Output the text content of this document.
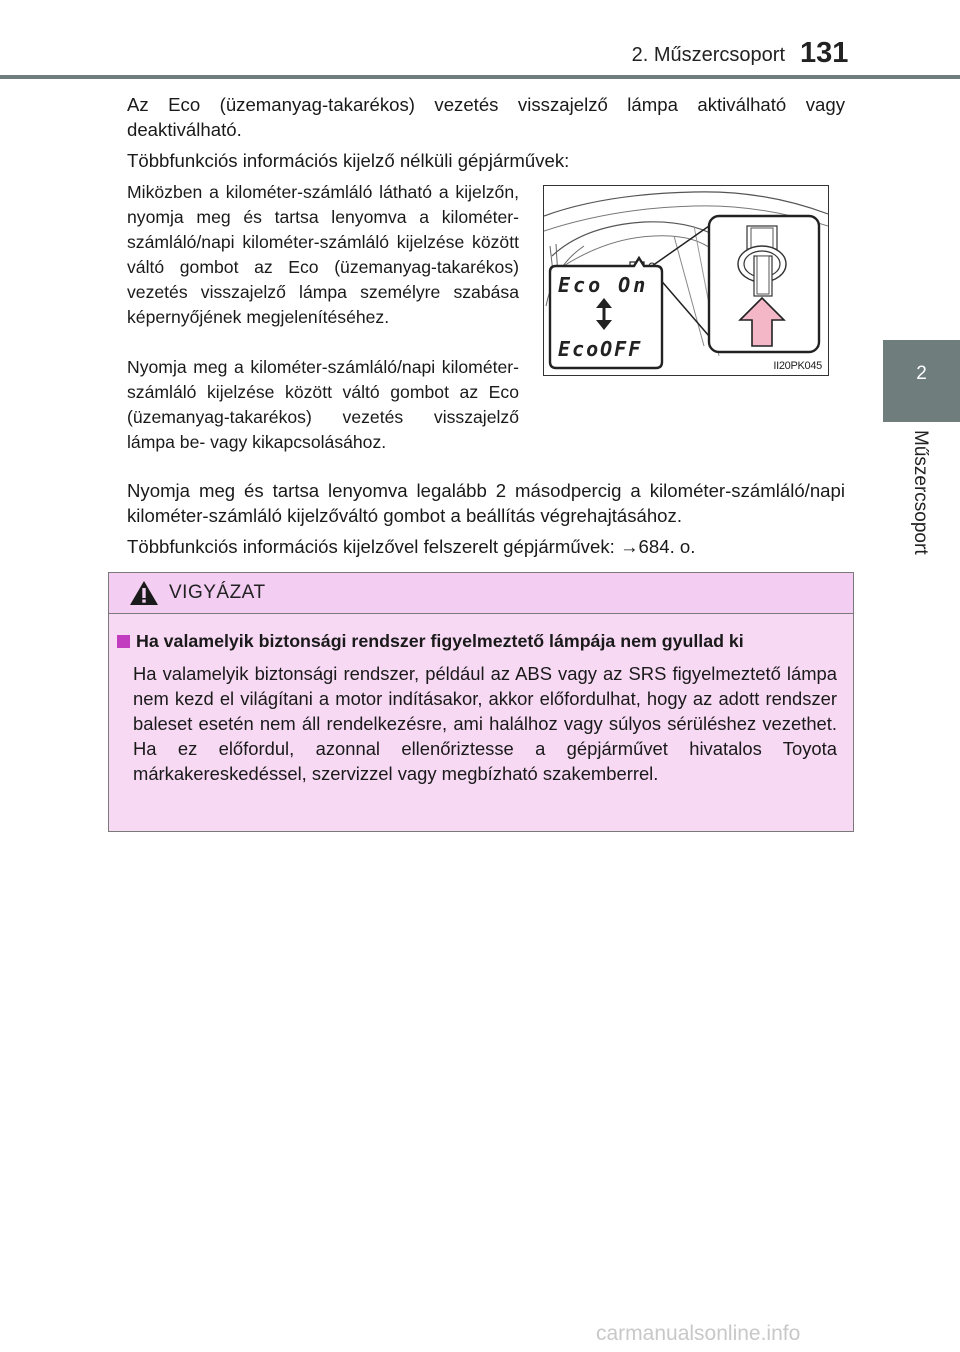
2. Műszercsoport 131
2
Műszercsoport

Az Eco (üzemanyag-takarékos) vezetés visszajelző lámpa aktiválható vagy deaktiválható.

Többfunkciós információs kijelző nélküli gépjárművek:

Miközben a kilométer-számláló látható a kijelzőn, nyomja meg és tartsa lenyomva a kilométer-számláló/napi kilométer-számláló kijelzése között váltó gombot az Eco (üzemanyag-takarékos) vezetés visszajelző lámpa személyre szabása képernyőjének megjelenítéséhez.

Nyomja meg a kilométer-számláló/napi kilométer-számláló kijelzése között váltó gombot az Eco (üzemanyag-takarékos) vezetés visszajelző lámpa be- vagy kikapcsolásához.

Eco On
EcoOFF
II20PK045

Nyomja meg és tartsa lenyomva legalább 2 másodpercig a kilométer-számláló/napi kilométer-számláló kijelzőváltó gombot a beállítás végrehajtásához.

Többfunkciós információs kijelzővel felszerelt gépjárművek: →684. o.

VIGYÁZAT
Ha valamelyik biztonsági rendszer figyelmeztető lámpája nem gyullad ki

Ha valamelyik biztonsági rendszer, például az ABS vagy az SRS figyelmeztető lámpa nem kezd el világítani a motor indításakor, akkor előfordulhat, hogy az adott rendszer baleset esetén nem áll rendelkezésre, ami halálhoz vagy súlyos sérüléshez vezethet. Ha ez előfordul, azonnal ellenőriztesse a gépjárművet hivatalos Toyota márkakereskedéssel, szervizzel vagy megbízható szakemberrel.

carmanualsonline.info
